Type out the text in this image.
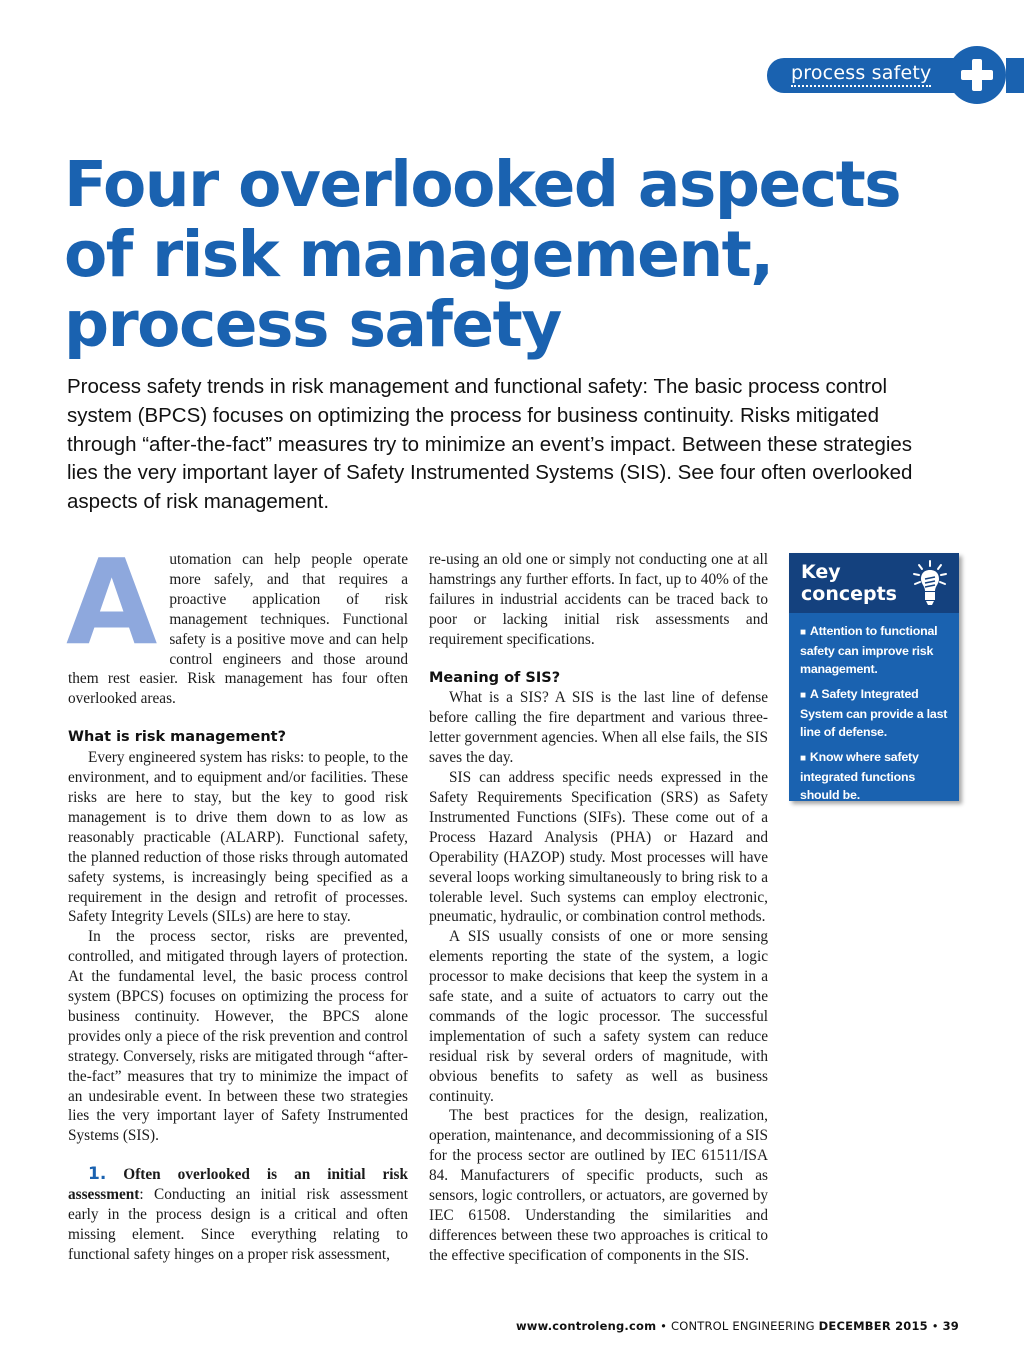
process safety
Four overlooked aspects
of risk management,
process safety

Process safety trends in risk management and functional safety: The basic process control system (BPCS) focuses on optimizing the process for business continuity. Risks mitigated through “after-the-fact” measures try to minimize an event’s impact. Between these strategies lies the very important layer of Safety Instrumented Systems (SIS). See four often overlooked aspects of risk management.

Automation can help people operate more safely, and that requires a proactive application of risk management techniques. Functional safety is a positive move and can help control engineers and those around them rest easier. Risk management has four often overlooked areas.

What is risk management?

Every engineered system has risks: to people, to the environment, and to equipment and/or facilities. These risks are here to stay, but the key to good risk management is to drive them down to as low as reasonably practicable (ALARP). Functional safety, the planned reduction of those risks through automated safety systems, is increasingly being specified as a requirement in the design and retrofit of processes. Safety Integrity Levels (SILs) are here to stay.

In the process sector, risks are prevented, controlled, and mitigated through layers of protection. At the fundamental level, the basic process control system (BPCS) focuses on optimizing the process for business continuity. However, the BPCS alone provides only a piece of the risk prevention and control strategy. Conversely, risks are mitigated through “after-the-fact” measures that try to minimize the impact of an undesirable event. In between these two strategies lies the very important layer of Safety Instrumented Systems (SIS).

1. Often overlooked is an initial risk assessment: Conducting an initial risk assessment early in the process design is a critical and often missing element. Since everything relating to functional safety hinges on a proper risk assessment,

re-using an old one or simply not conducting one at all hamstrings any further efforts. In fact, up to 40% of the failures in industrial accidents can be traced back to poor or lacking initial risk assessments and requirement specifications.

Meaning of SIS?

What is a SIS? A SIS is the last line of defense before calling the fire department and various three-letter government agencies. When all else fails, the SIS saves the day.

SIS can address specific needs expressed in the Safety Requirements Specification (SRS) as Safety Instrumented Functions (SIFs). These come out of a Process Hazard Analysis (PHA) or Hazard and Operability (HAZOP) study. Most processes will have several loops working simultaneously to bring risk to a tolerable level. Such systems can employ electronic, pneumatic, hydraulic, or combination control methods.

A SIS usually consists of one or more sensing elements reporting the state of the system, a logic processor to make decisions that keep the system in a safe state, and a suite of actuators to carry out the commands of the logic processor. The successful implementation of such a safety system can reduce residual risk by several orders of magnitude, with obvious benefits to safety as well as business continuity.

The best practices for the design, realization, operation, maintenance, and decommissioning of a SIS for the process sector are outlined by IEC 61511/ISA 84. Manufacturers of specific products, such as sensors, logic controllers, or actuators, are governed by IEC 61508. Understanding the similarities and differences between these two approaches is critical to the effective specification of components in the SIS.

Key
concepts
■ Attention to functional safety can improve risk management.
■ A Safety Integrated System can provide a last line of defense.
■ Know where safety integrated functions should be.
www.controleng.com • CONTROL ENGINEERING DECEMBER 2015 • 39
